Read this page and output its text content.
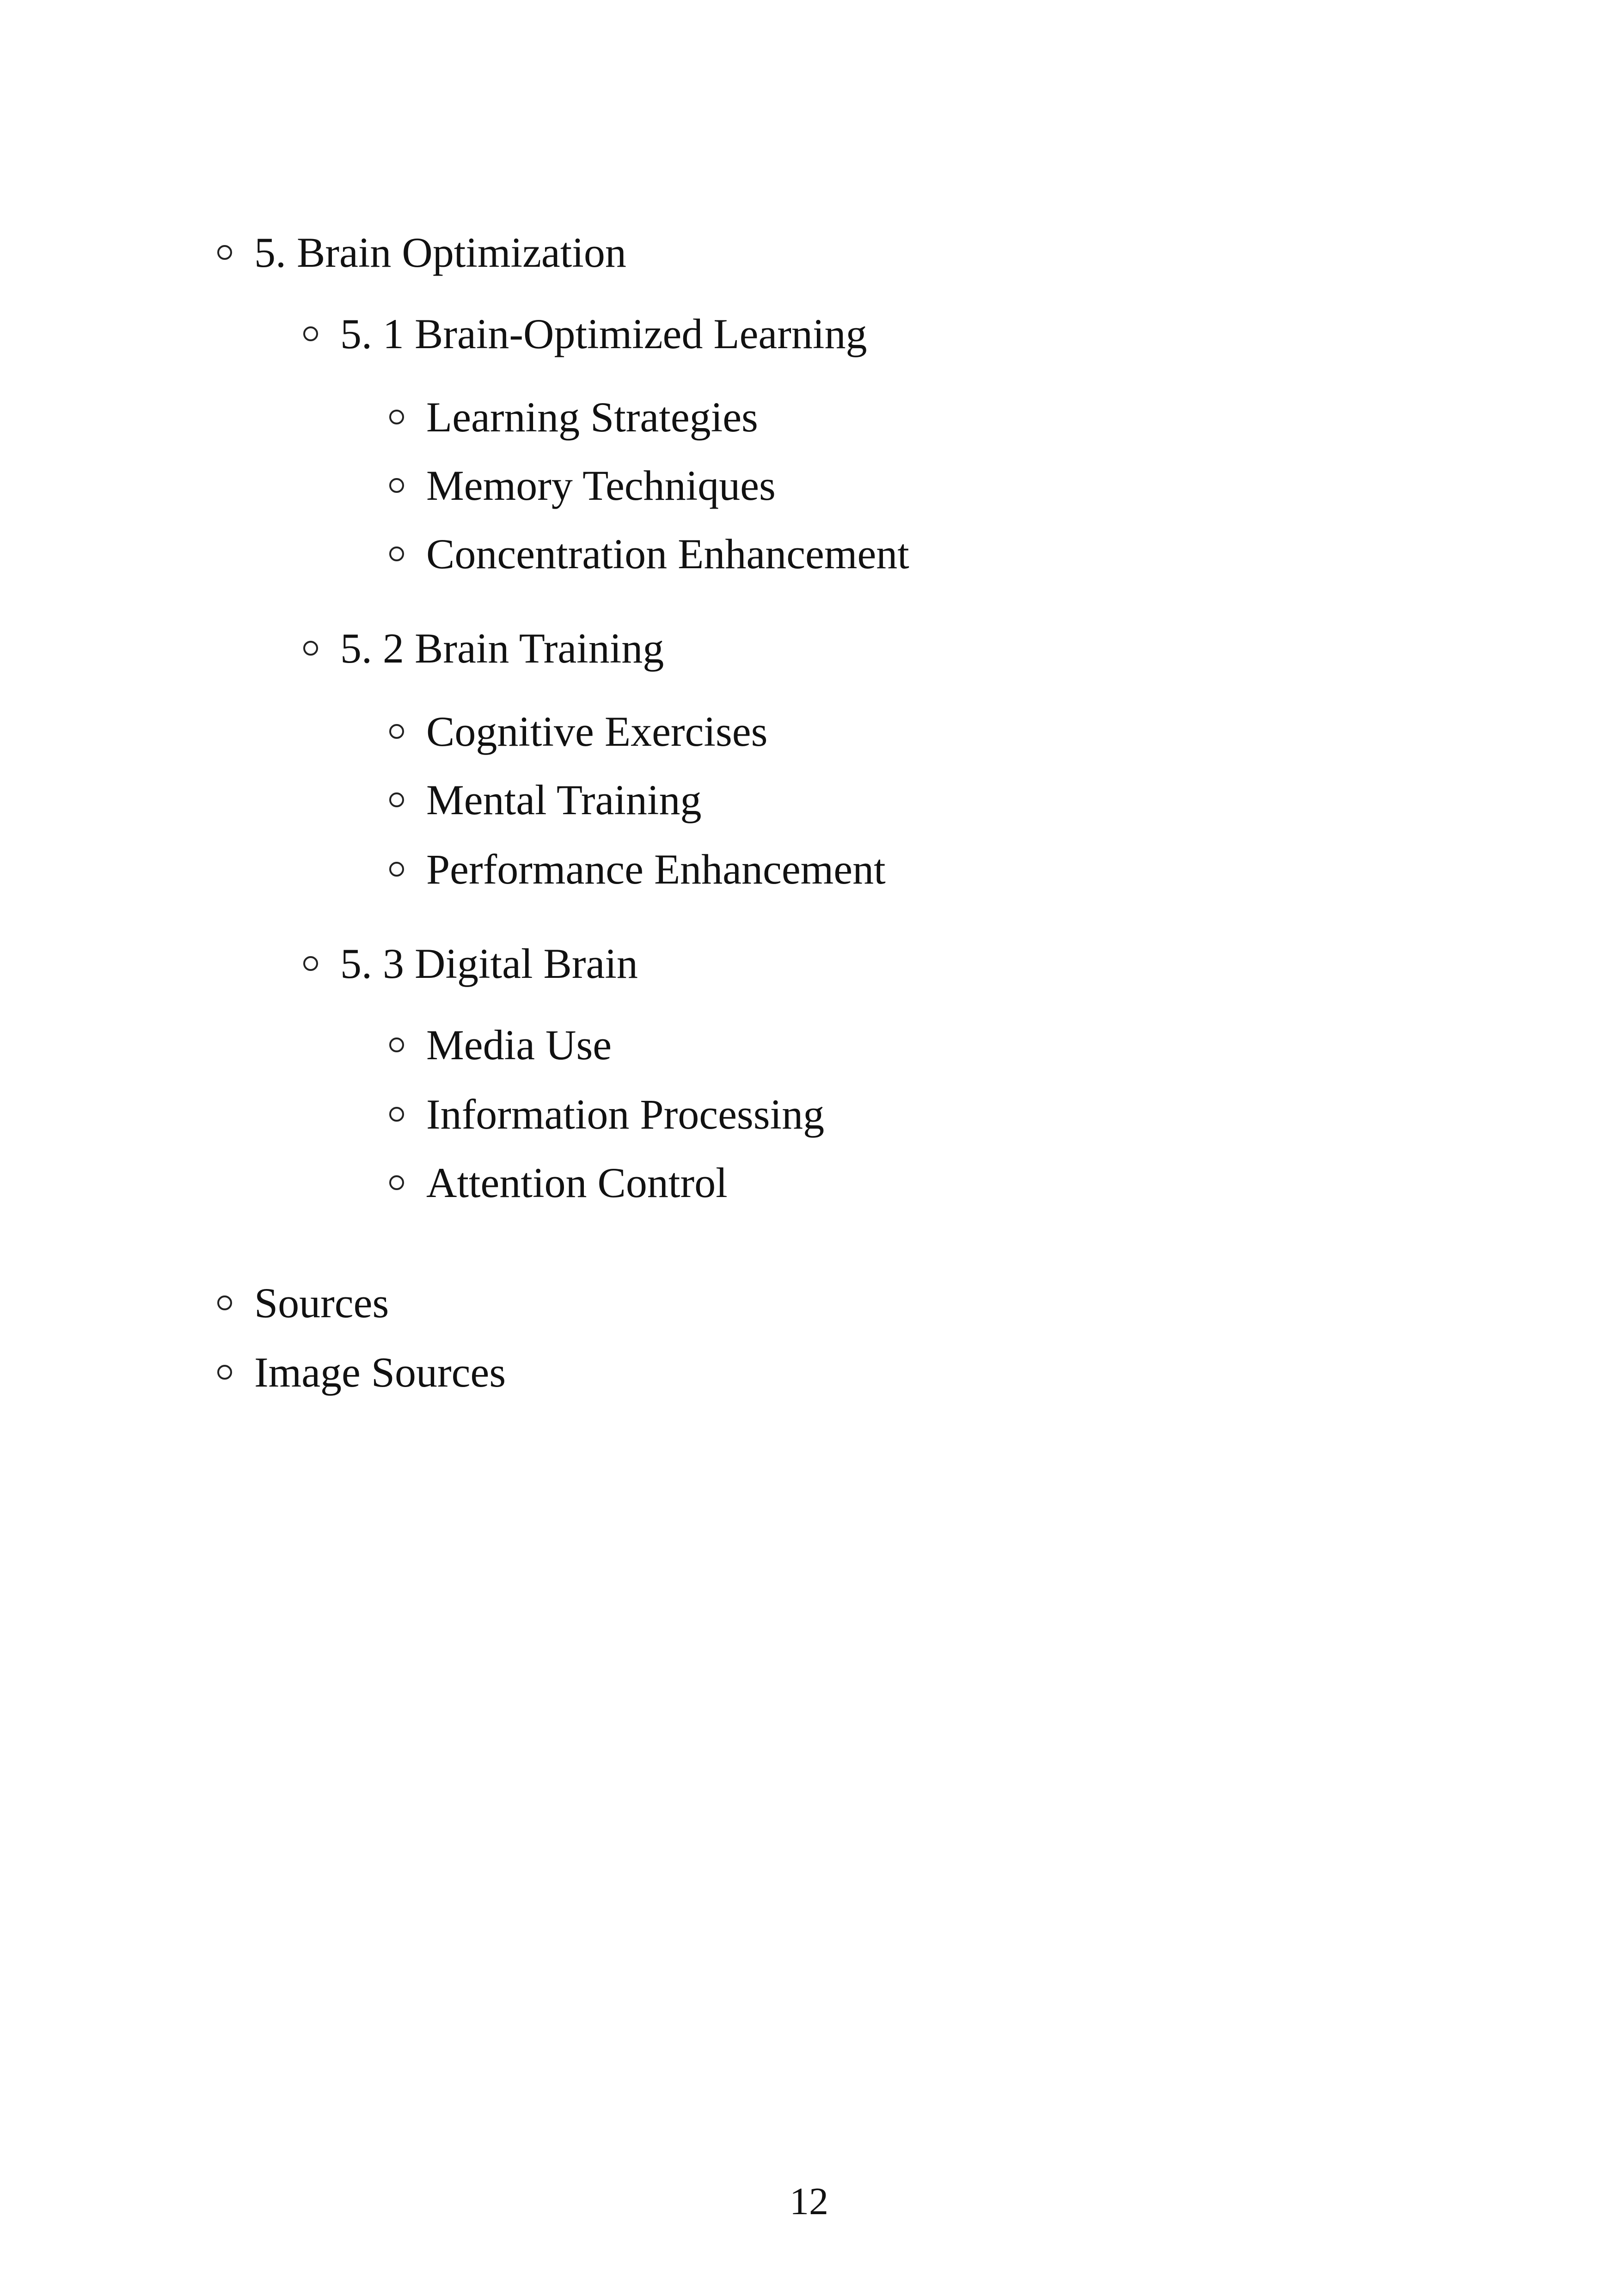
5. Brain Optimization
5. 1 Brain-Optimized Learning
Learning Strategies
Memory Techniques
Concentration Enhancement
5. 2 Brain Training
Cognitive Exercises
Mental Training
Performance Enhancement
5. 3 Digital Brain
Media Use
Information Processing
Attention Control
Sources
Image Sources
12
